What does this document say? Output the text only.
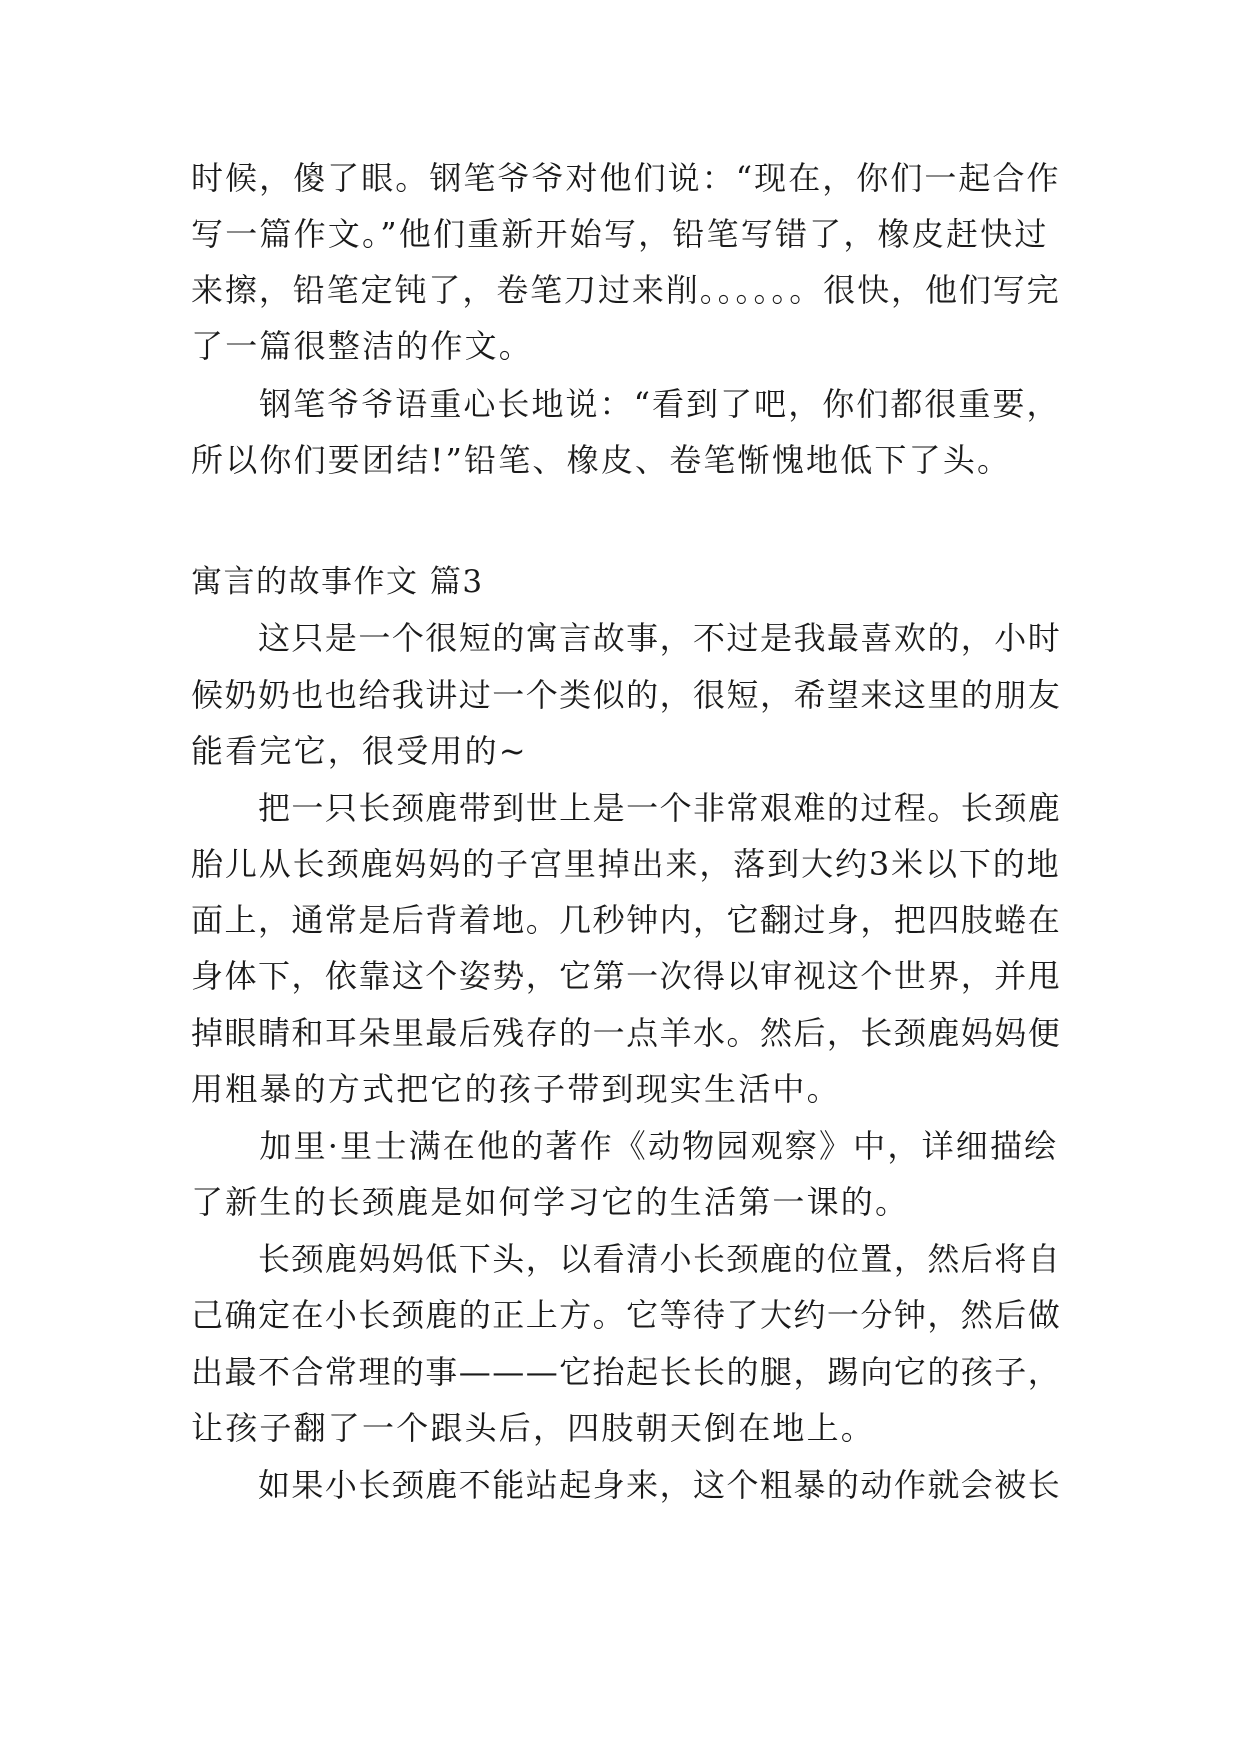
时候，傻了眼。钢笔爷爷对他们说：“现在，你们一起合作
写一篇作文。”他们重新开始写，铅笔写错了，橡皮赶快过
来擦，铅笔定钝了，卷笔刀过来削。。。。。。很快，他们写完
了一篇很整洁的作文。
　　钢笔爷爷语重心长地说：“看到了吧，你们都很重要，
所以你们要团结!”铅笔、橡皮、卷笔惭愧地低下了头。
寓言的故事作文 篇3
　　这只是一个很短的寓言故事，不过是我最喜欢的，小时
候奶奶也也给我讲过一个类似的，很短，希望来这里的朋友
能看完它，很受用的~
　　把一只长颈鹿带到世上是一个非常艰难的过程。长颈鹿
胎儿从长颈鹿妈妈的子宫里掉出来，落到大约3米以下的地
面上，通常是后背着地。几秒钟内，它翻过身，把四肢蜷在
身体下，依靠这个姿势，它第一次得以审视这个世界，并甩
掉眼睛和耳朵里最后残存的一点羊水。然后，长颈鹿妈妈便
用粗暴的方式把它的孩子带到现实生活中。
　　加里·里士满在他的著作《动物园观察》中，详细描绘
了新生的长颈鹿是如何学习它的生活第一课的。
　　长颈鹿妈妈低下头，以看清小长颈鹿的位置，然后将自
己确定在小长颈鹿的正上方。它等待了大约一分钟，然后做
出最不合常理的事———它抬起长长的腿，踢向它的孩子，
让孩子翻了一个跟头后，四肢朝天倒在地上。
　　如果小长颈鹿不能站起身来，这个粗暴的动作就会被长
